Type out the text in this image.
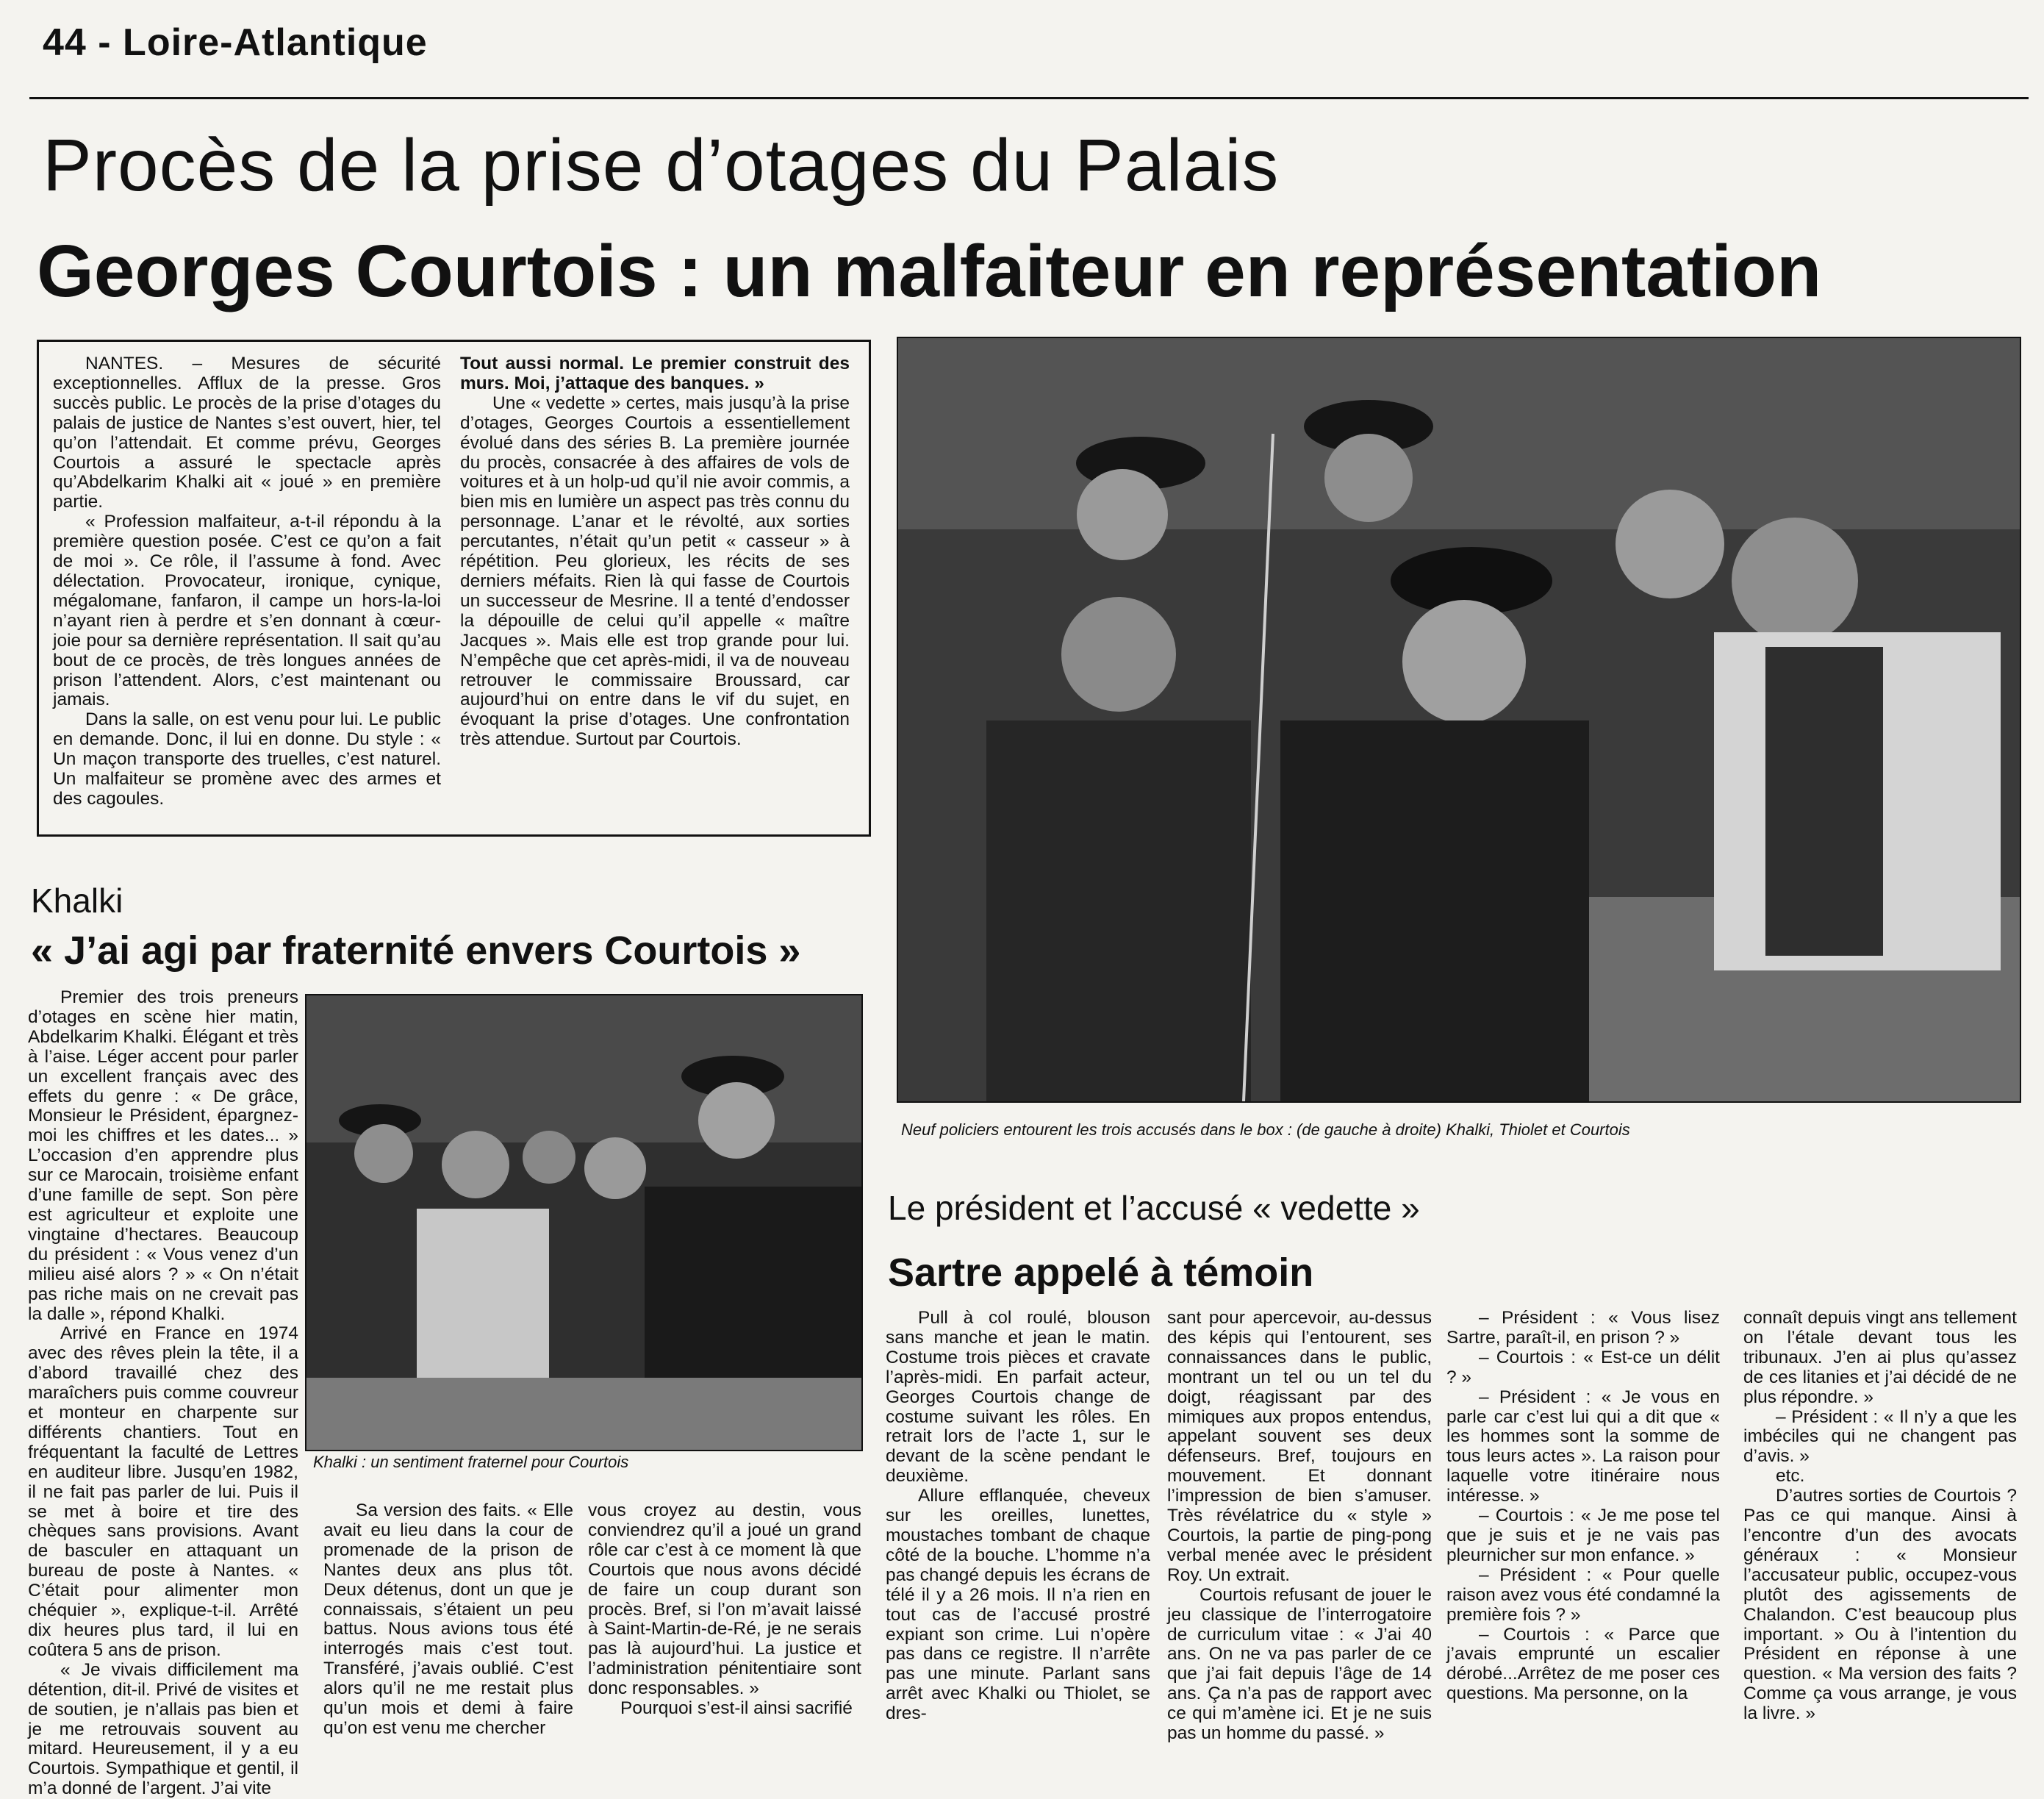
44 - Loire-Atlantique
Procès de la prise d’otages du Palais
Georges Courtois : un malfaiteur en représentation

NANTES. – Mesures de sécurité exceptionnelles. Afflux de la presse. Gros succès public. Le procès de la prise d’otages du palais de justice de Nantes s’est ouvert, hier, tel qu’on l’attendait. Et comme prévu, Georges Courtois a assuré le spectacle après qu’Abdelkarim Khalki ait « joué » en première partie.

« Profession malfaiteur, a-t-il répondu à la première question posée. C’est ce qu’on a fait de moi ». Ce rôle, il l’assume à fond. Avec délectation. Provocateur, ironique, cynique, mégalomane, fanfaron, il campe un hors-la-loi n’ayant rien à perdre et s’en donnant à cœur-joie pour sa dernière représentation. Il sait qu’au bout de ce procès, de très longues années de prison l’attendent. Alors, c’est maintenant ou jamais.

Dans la salle, on est venu pour lui. Le public en demande. Donc, il lui en donne. Du style : « Un maçon transporte des truelles, c’est naturel. Un malfaiteur se promène avec des armes et des cagoules.

Tout aussi normal. Le premier construit des murs. Moi, j’attaque des banques. »

Une « vedette » certes, mais jusqu’à la prise d’otages, Georges Courtois a essentiellement évolué dans des séries B. La première journée du procès, consacrée à des affaires de vols de voitures et à un holp-ud qu’il nie avoir commis, a bien mis en lumière un aspect pas très connu du personnage. L’anar et le révolté, aux sorties percutantes, n’était qu’un petit « casseur » à répétition. Peu glorieux, les récits de ses derniers méfaits. Rien là qui fasse de Courtois un successeur de Mesrine. Il a tenté d’endosser la dépouille de celui qu’il appelle « maître Jacques ». Mais elle est trop grande pour lui. N’empêche que cet après-midi, il va de nouveau retrouver le commissaire Broussard, car aujourd’hui on entre dans le vif du sujet, en évoquant la prise d’otages. Une confrontation très attendue. Surtout par Courtois.

Neuf policiers entourent les trois accusés dans le box : (de gauche à droite) Khalki, Thiolet et Courtois
Khalki
« J’ai agi par fraternité envers Courtois »

Premier des trois preneurs d’otages en scène hier matin, Abdelkarim Khalki. Élégant et très à l’aise. Léger accent pour parler un excellent français avec des effets du genre : « De grâce, Monsieur le Président, épargnez-moi les chiffres et les dates... » L’occasion d’en apprendre plus sur ce Marocain, troisième enfant d’une famille de sept. Son père est agriculteur et exploite une vingtaine d’hectares. Beaucoup du président : « Vous venez d’un milieu aisé alors ? » « On n’était pas riche mais on ne crevait pas la dalle », répond Khalki.

Arrivé en France en 1974 avec des rêves plein la tête, il a d’abord travaillé chez des maraîchers puis comme couvreur et monteur en charpente sur différents chantiers. Tout en fréquentant la faculté de Lettres en auditeur libre. Jusqu’en 1982, il ne fait pas parler de lui. Puis il se met à boire et tire des chèques sans provisions. Avant de basculer en attaquant un bureau de poste à Nantes. « C’était pour alimenter mon chéquier », explique-t-il. Arrêté dix heures plus tard, il lui en coûtera 5 ans de prison.

« Je vivais difficilement ma détention, dit-il. Privé de visites et de soutien, je n’allais pas bien et je me retrouvais souvent au mitard. Heureusement, il y a eu Courtois. Sympathique et gentil, il m’a donné de l’argent. J’ai vite

Khalki : un sentiment fraternel pour Courtois

Sa version des faits. « Elle avait eu lieu dans la cour de promenade de la prison de Nantes deux ans plus tôt. Deux détenus, dont un que je connaissais, s’étaient un peu battus. Nous avions tous été interrogés mais c’est tout. Transféré, j’avais oublié. C’est alors qu’il ne me restait plus qu’un mois et demi à faire qu’on est venu me chercher

vous croyez au destin, vous conviendrez qu’il a joué un grand rôle car c’est à ce moment là que Courtois que nous avons décidé de faire un coup durant son procès. Bref, si l’on m’avait laissé à Saint-Martin-de-Ré, je ne serais pas là aujourd’hui. La justice et l’administration pénitentiaire sont donc responsables. »

Pourquoi s’est-il ainsi sacrifié

Le président et l’accusé « vedette »
Sartre appelé à témoin

Pull à col roulé, blouson sans manche et jean le matin. Costume trois pièces et cravate l’après-midi. En parfait acteur, Georges Courtois change de costume suivant les rôles. En retrait lors de l’acte 1, sur le devant de la scène pendant le deuxième.

Allure efflanquée, cheveux sur les oreilles, lunettes, moustaches tombant de chaque côté de la bouche. L’homme n’a pas changé depuis les écrans de télé il y a 26 mois. Il n’a rien en tout cas de l’accusé prostré expiant son crime. Lui n’opère pas dans ce registre. Il n’arrête pas une minute. Parlant sans arrêt avec Khalki ou Thiolet, se dres-

sant pour apercevoir, au-dessus des képis qui l’entourent, ses connaissances dans le public, montrant un tel ou un tel du doigt, réagissant par des mimiques aux propos entendus, appelant souvent ses deux défenseurs. Bref, toujours en mouvement. Et donnant l’impression de bien s’amuser. Très révélatrice du « style » Courtois, la partie de ping-pong verbal menée avec le président Roy. Un extrait.

Courtois refusant de jouer le jeu classique de l’interrogatoire de curriculum vitae : « J’ai 40 ans. On ne va pas parler de ce que j’ai fait depuis l’âge de 14 ans. Ça n’a pas de rapport avec ce qui m’amène ici. Et je ne suis pas un homme du passé. »

– Président : « Vous lisez Sartre, paraît-il, en prison ? »

– Courtois : « Est-ce un délit ? »

– Président : « Je vous en parle car c’est lui qui a dit que « les hommes sont la somme de tous leurs actes ». La raison pour laquelle votre itinéraire nous intéresse. »

– Courtois : « Je me pose tel que je suis et je ne vais pas pleurnicher sur mon enfance. »

– Président : « Pour quelle raison avez vous été condamné la première fois ? »

– Courtois : « Parce que j’avais emprunté un escalier dérobé...Arrêtez de me poser ces questions. Ma personne, on la

connaît depuis vingt ans tellement on l’étale devant tous les tribunaux. J’en ai plus qu’assez de ces litanies et j’ai décidé de ne plus répondre. »

– Président : « Il n’y a que les imbéciles qui ne changent pas d’avis. »

etc.

D’autres sorties de Courtois ? Pas ce qui manque. Ainsi à l’encontre d’un des avocats généraux : « Monsieur l’accusateur public, occupez-vous plutôt des agissements de Chalandon. C’est beaucoup plus important. » Ou à l’intention du Président en réponse à une question. « Ma version des faits ? Comme ça vous arrange, je vous la livre. »
